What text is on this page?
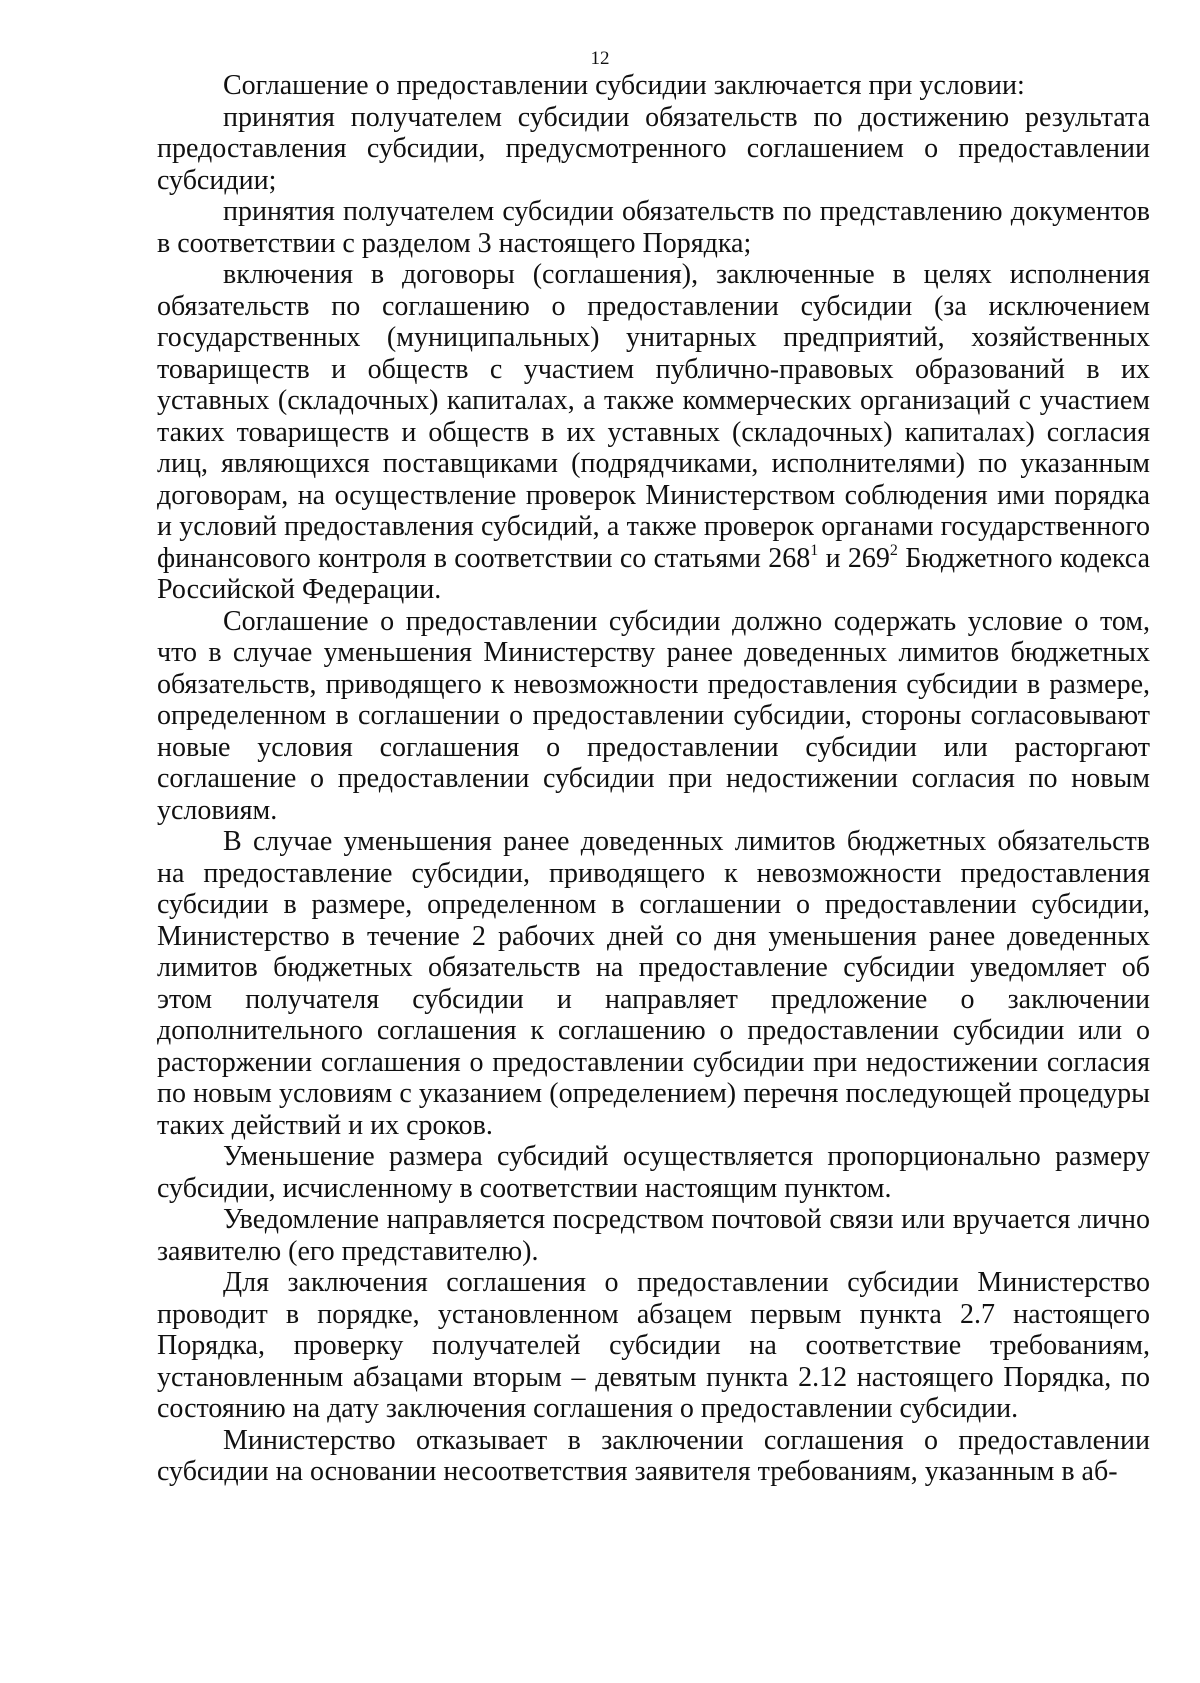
12

Соглашение о предоставлении субсидии заключается при условии:

принятия получателем субсидии обязательств по достижению результата предоставления субсидии, предусмотренного соглашением о предоставлении субсидии;

принятия получателем субсидии обязательств по представлению документов в соответствии с разделом 3 настоящего Порядка;

включения в договоры (соглашения), заключенные в целях исполнения обязательств по соглашению о предоставлении субсидии (за исключением государственных (муниципальных) унитарных предприятий, хозяйственных товариществ и обществ с участием публично-правовых образований в их уставных (складочных) капиталах, а также коммерческих организаций с участием таких товариществ и обществ в их уставных (складочных) капиталах) согласия лиц, являющихся поставщиками (подрядчиками, исполнителями) по указанным договорам, на осуществление проверок Министерством соблюдения ими порядка и условий предоставления субсидий, а также проверок органами государственного финансового контроля в соответствии со статьями $268^1$ и $269^2$ Бюджетного кодекса Российской Федерации.

Соглашение о предоставлении субсидии должно содержать условие о том, что в случае уменьшения Министерству ранее доведенных лимитов бюджетных обязательств, приводящего к невозможности предоставления субсидии в размере, определенном в соглашении о предоставлении субсидии, стороны согласовывают новые условия соглашения о предоставлении субсидии или расторгают соглашение о предоставлении субсидии при недостижении согласия по новым условиям.

В случае уменьшения ранее доведенных лимитов бюджетных обязательств на предоставление субсидии, приводящего к невозможности предоставления субсидии в размере, определенном в соглашении о предоставлении субсидии, Министерство в течение 2 рабочих дней со дня уменьшения ранее доведенных лимитов бюджетных обязательств на предоставление субсидии уведомляет об этом получателя субсидии и направляет предложение о заключении дополнительного соглашения к соглашению о предоставлении субсидии или о расторжении соглашения о предоставлении субсидии при недостижении согласия по новым условиям с указанием (определением) перечня последующей процедуры таких действий и их сроков.

Уменьшение размера субсидий осуществляется пропорционально размеру субсидии, исчисленному в соответствии настоящим пунктом.

Уведомление направляется посредством почтовой связи или вручается лично заявителю (его представителю).

Для заключения соглашения о предоставлении субсидии Министерство проводит в порядке, установленном абзацем первым пункта 2.7 настоящего Порядка, проверку получателей субсидии на соответствие требованиям, установленным абзацами вторым – девятым пункта 2.12 настоящего Порядка, по состоянию на дату заключения соглашения о предоставлении субсидии.

Министерство отказывает в заключении соглашения о предоставлении субсидии на основании несоответствия заявителя требованиям, указанным в аб-
